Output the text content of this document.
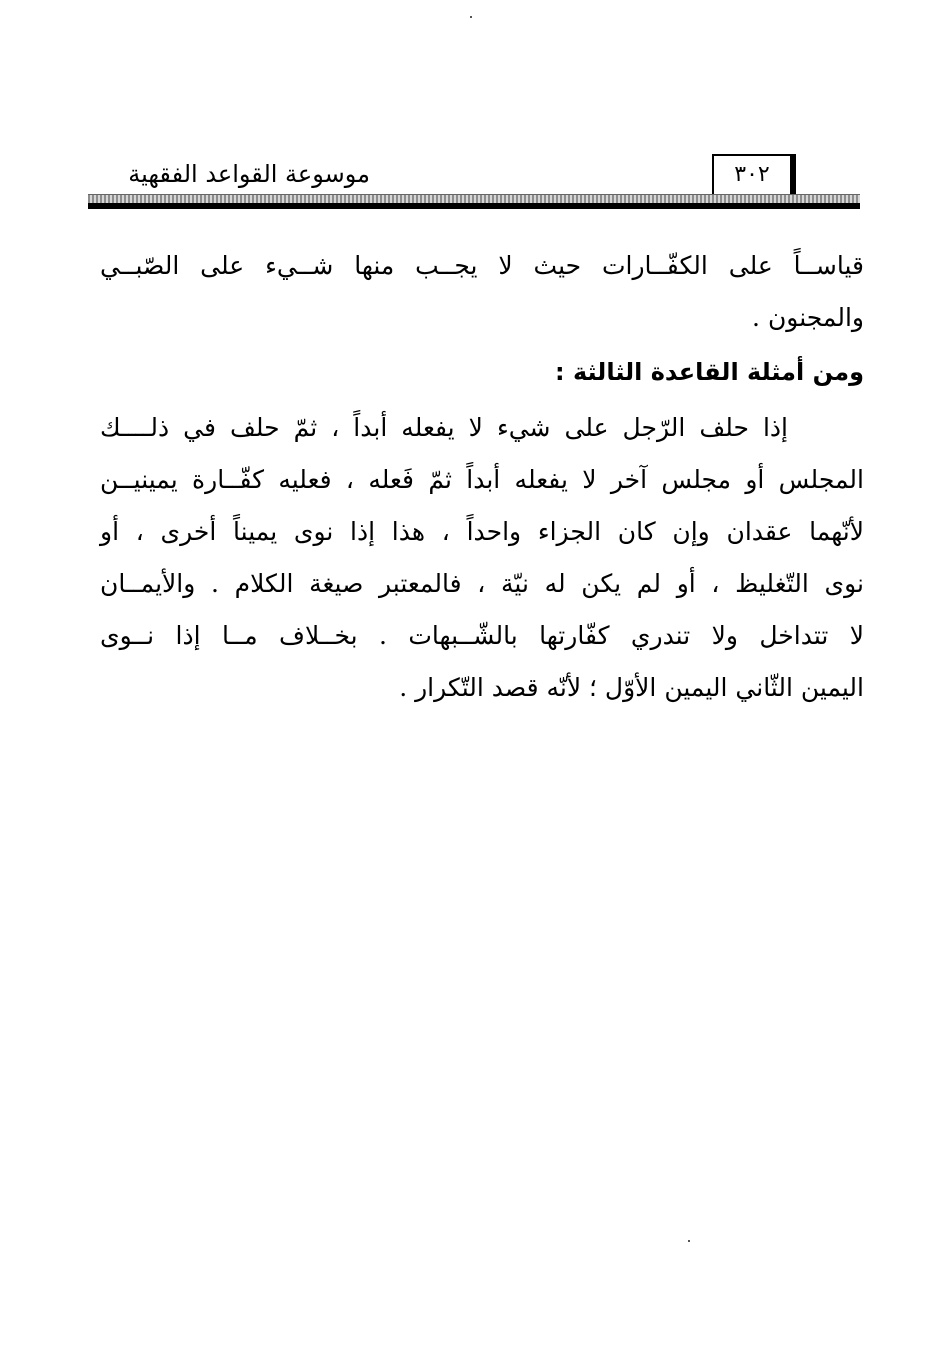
موسوعة القواعد الفقهية	٣٠٢
قياســاً على الكفّــارات حيث لا يجــب منها شــيء على الصّبــي
والمجنون .
ومن أمثلة القاعدة الثالثة :
إذا حلف الرّجل على شيء لا يفعله أبداً ، ثمّ حلف في ذلــــك
المجلس أو مجلس آخر لا يفعله أبداً ثمّ فَعله ، فعليه كفّــارة يمينيــن
لأنّهما عقدان وإن كان الجزاء واحداً ، هذا إذا نوى يميناً أخرى ، أو
نوى التّغليظ ، أو لم يكن له نيّة ، فالمعتبر صيغة الكلام . والأيمــان
لا تتداخل ولا تندري كفّارتها بالشّــبهات . بخــلاف مــا إذا نــوى
اليمين الثّاني اليمين الأوّل ؛ لأنّه قصد التّكرار .
